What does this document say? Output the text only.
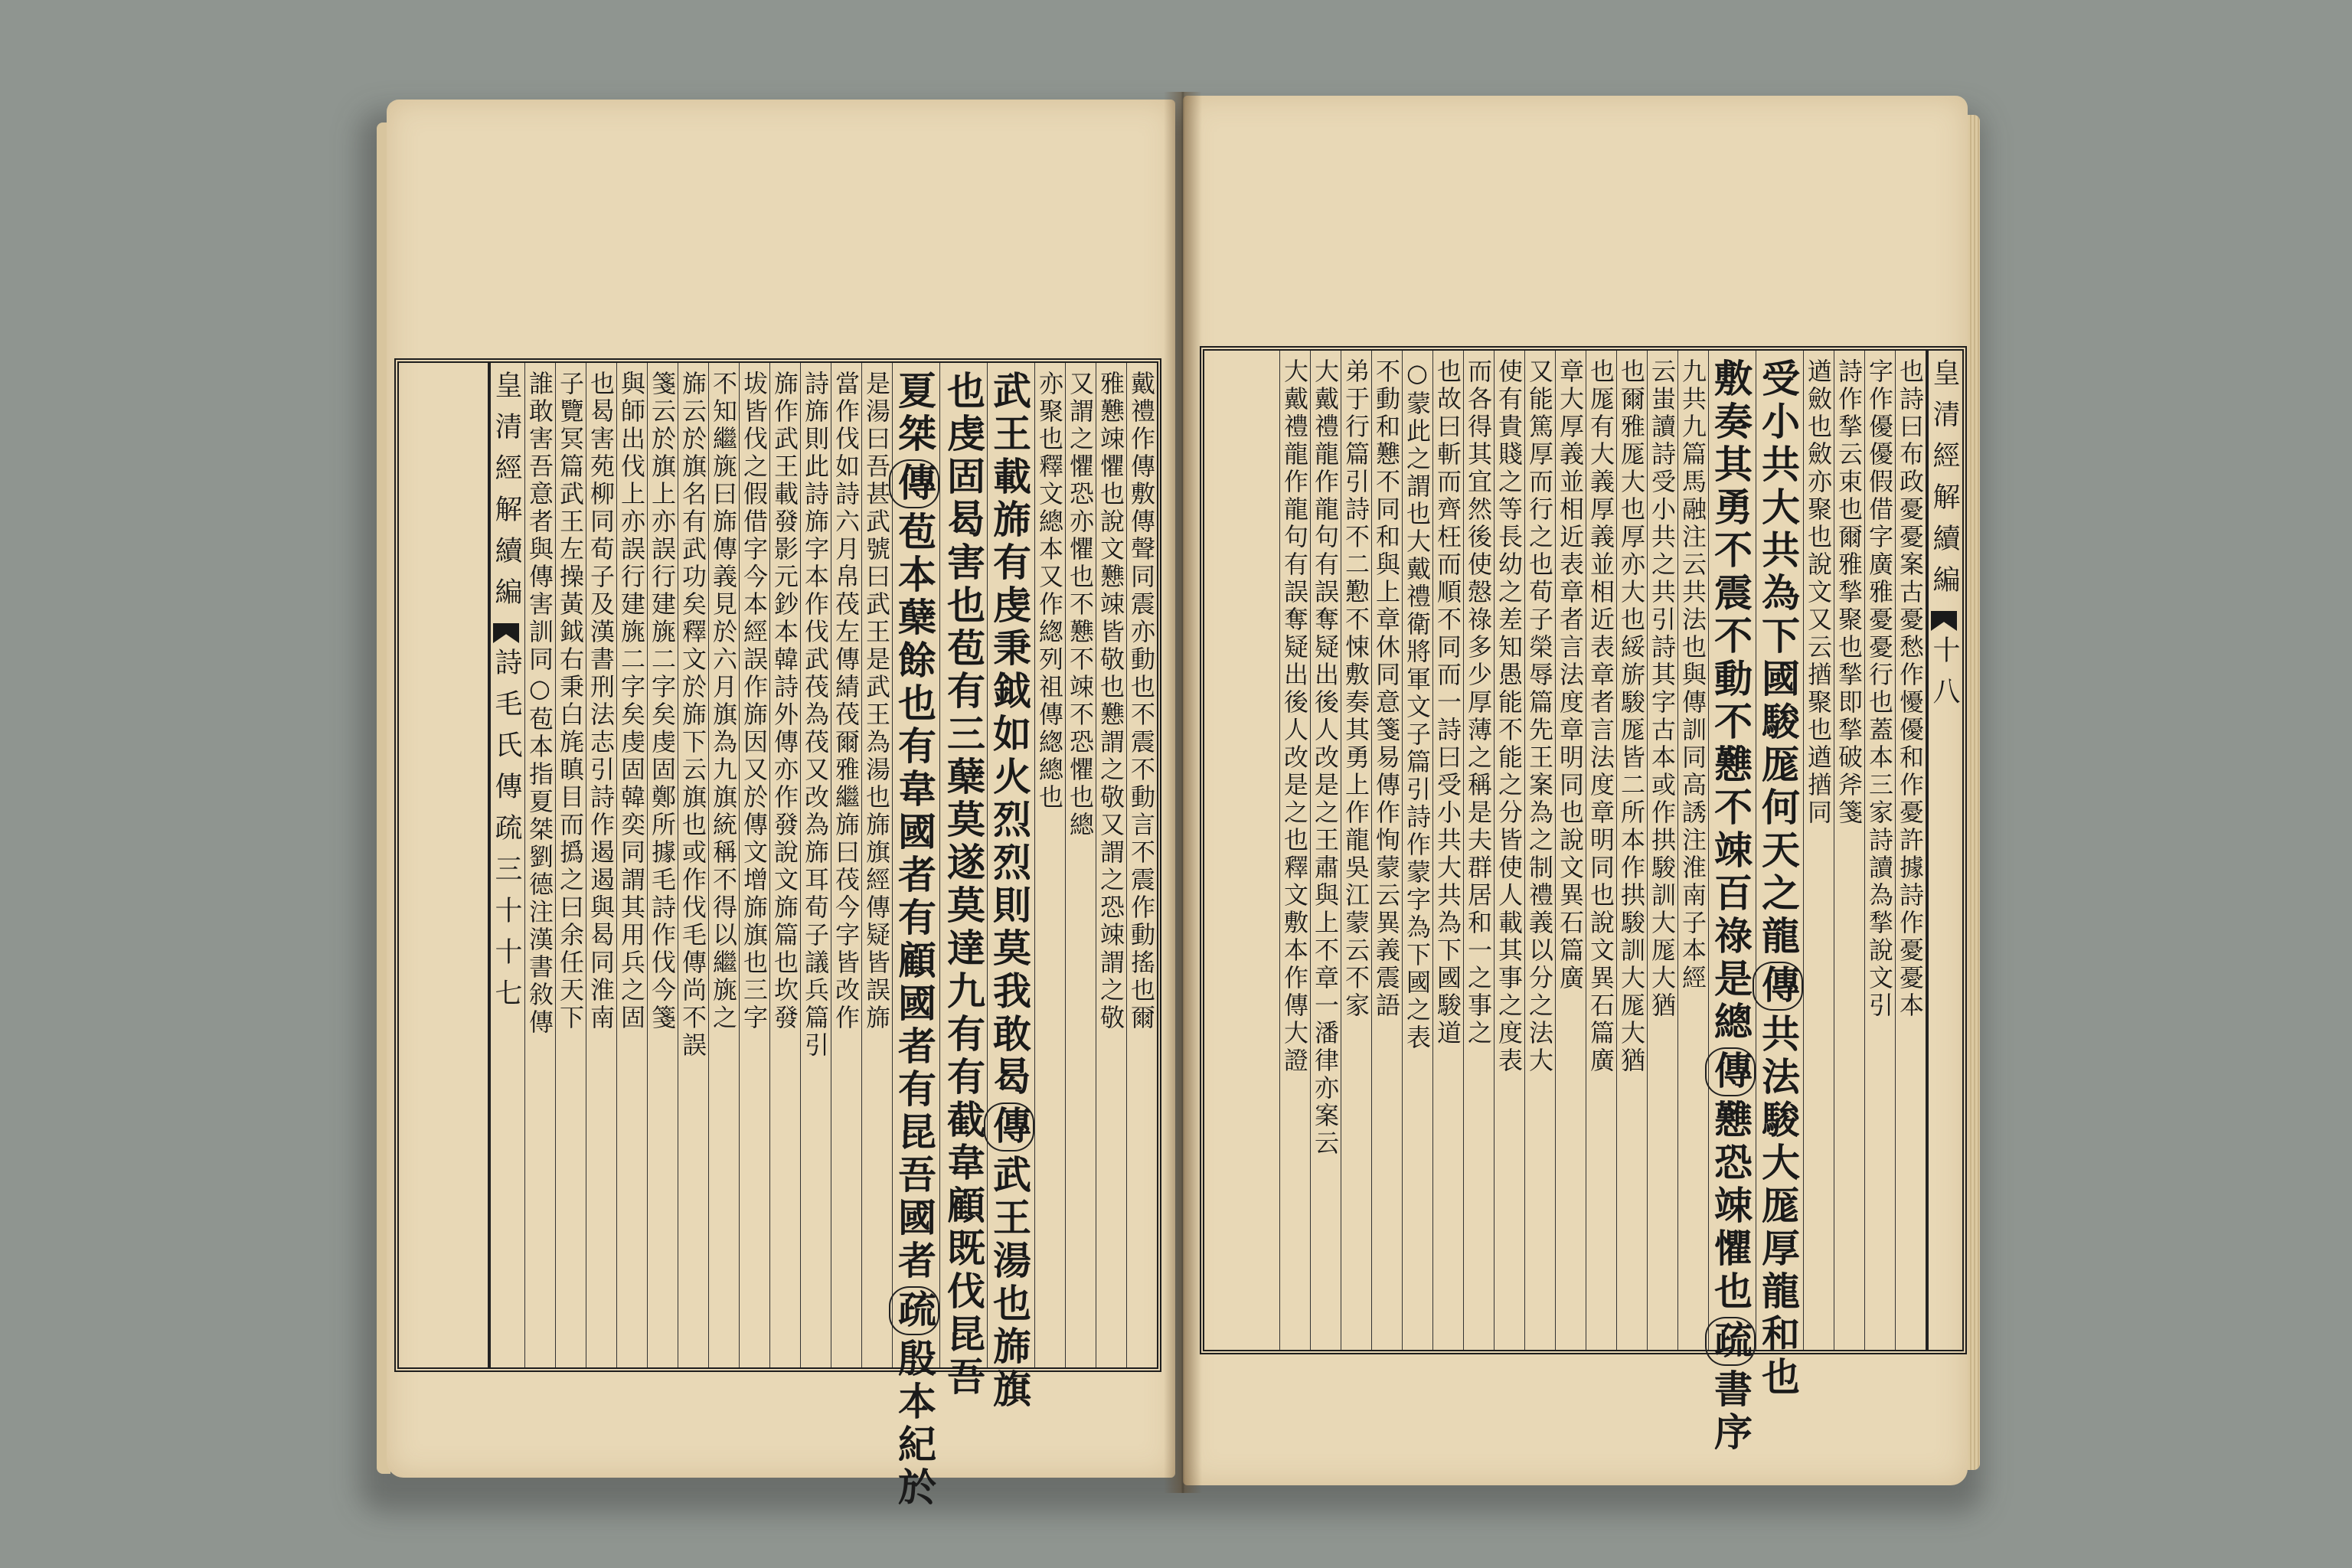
戴禮作傳敷傳聲同震亦動也不震不動言不震作動搖也爾
雅戁竦懼也說文戁竦皆敬也戁謂之敬又謂之恐竦謂之敬
又謂之懼恐亦懼也不戁不竦不恐懼也總
亦聚也釋文總本又作緫列祖傳緫總也
武王載旆有虔秉鉞如火烈烈則莫我敢曷傳武王湯也旆旗
也虔固曷害也苞有三蘖莫遂莫達九有有截韋顧既伐昆吾
夏桀傳苞本蘖餘也有韋國者有顧國者有昆吾國者疏殷本紀於
是湯曰吾甚武號曰武王是武王為湯也旆旗經傳疑皆誤旆
當作伐如詩六月帛茷左傳綪茷爾雅繼旆曰茷今字皆改作
詩旆則此詩旆字本作伐武茷為茷又改為旆耳荀子議兵篇引
旆作武王載發影元鈔本韓詩外傳亦作發說文旆篇也坎發
坺皆伐之假借字今本經誤作旆因又於傳文增旆旗也三字
不知繼旐曰旆傳義見於六月旗為九旗統稱不得以繼旐之
旆云於旗名有武功矣釋文於旆下云旗也或作伐毛傳尚不誤
箋云於旗上亦誤行建旐二字矣虔固鄭所據毛詩作伐今箋
與師出伐上亦誤行建旐二字矣虔固韓奕同謂其用兵之固
也曷害苑柳同荀子及漢書刑法志引詩作遏遏與曷同淮南
子覽冥篇武王左操黃鉞右秉白旄瞋目而撝之曰余任天下
誰敢害吾意者與傳害訓同○苞本指夏桀劉德注漢書敘傳
皇清經解續編詩毛氏傳疏三十十七
皇清經解續編十八
也詩曰布政憂憂案古憂愁作懮優和作憂許據詩作憂憂本
字作優優假借字廣雅憂憂行也蓋本三家詩讀為揫說文引
詩作揫云束也爾雅揫聚也揫即揫破斧箋
遒斂也斂亦聚也說文又云揂聚也遒揂同
受小共大共為下國駿厖何天之龍傳共法駿大厖厚龍和也
敷奏其勇不震不動不戁不竦百祿是總傳戁恐竦懼也疏書序
九共九篇馬融注云共法也與傳訓同高誘注淮南子本經
云蚩讀詩受小共之共引詩其字古本或作拱駿訓大厖大猶
也爾雅厖大也厚亦大也綏旂駿厖皆二所本作拱駿訓大厖大猶
也厖有大義厚義並相近表章者言法度章明同也說文異石篇廣
章大厚義並相近表章者言法度章明同也說文異石篇廣
又能篤厚而行之也荀子榮辱篇先王案為之制禮義以分之法大
使有貴賤之等長幼之差知愚能不能之分皆使人載其事之度表
而各得其宜然後使慤祿多少厚薄之稱是夫群居和一之事之
也故曰斬而齊枉而順不同而一詩曰受小共大共為下國駿道
○蒙此之謂也大戴禮衛將軍文子篇引詩作蒙字為下國之表
不動和戁不同和與上章休同意箋易傳作恂蒙云異義震語
弟于行篇引詩不二懃不悚敷奏其勇上作龍吳江蒙云不家
大戴禮龍作龍句有誤奪疑出後人改是之王肅與上不章一潘律亦案云
大戴禮龍作龍句有誤奪疑出後人改是之也釋文敷本作傳大證
